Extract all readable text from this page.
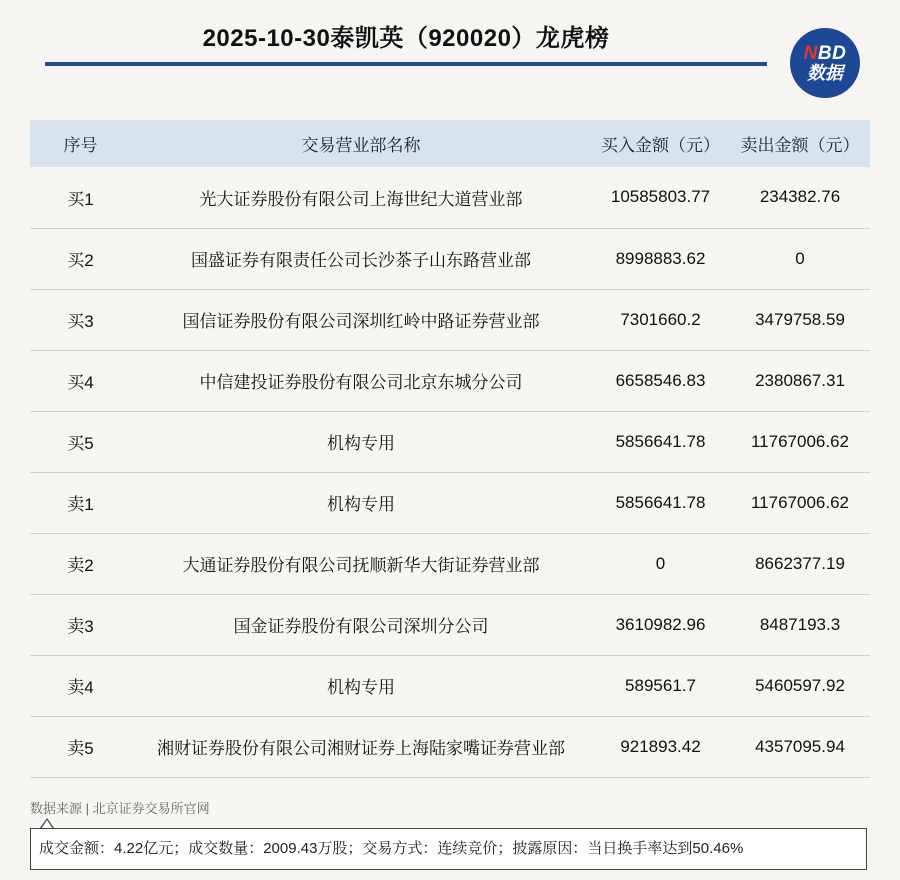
2025-10-30泰凯英（920020）龙虎榜
NBD
数据
序号	交易营业部名称	买入金额（元）	卖出金额（元）
买1	光大证券股份有限公司上海世纪大道营业部	10585803.77	234382.76
买2	国盛证券有限责任公司长沙茶子山东路营业部	8998883.62	0
买3	国信证券股份有限公司深圳红岭中路证券营业部	7301660.2	3479758.59
买4	中信建投证券股份有限公司北京东城分公司	6658546.83	2380867.31
买5	机构专用	5856641.78	11767006.62
卖1	机构专用	5856641.78	11767006.62
卖2	大通证券股份有限公司抚顺新华大街证券营业部	0	8662377.19
卖3	国金证券股份有限公司深圳分公司	3610982.96	8487193.3
卖4	机构专用	589561.7	5460597.92
卖5	湘财证券股份有限公司湘财证券上海陆家嘴证券营业部	921893.42	4357095.94
数据来源 | 北京证券交易所官网
成交金额：4.22亿元；成交数量：2009.43万股；交易方式：连续竞价；披露原因：当日换手率达到50.46%
